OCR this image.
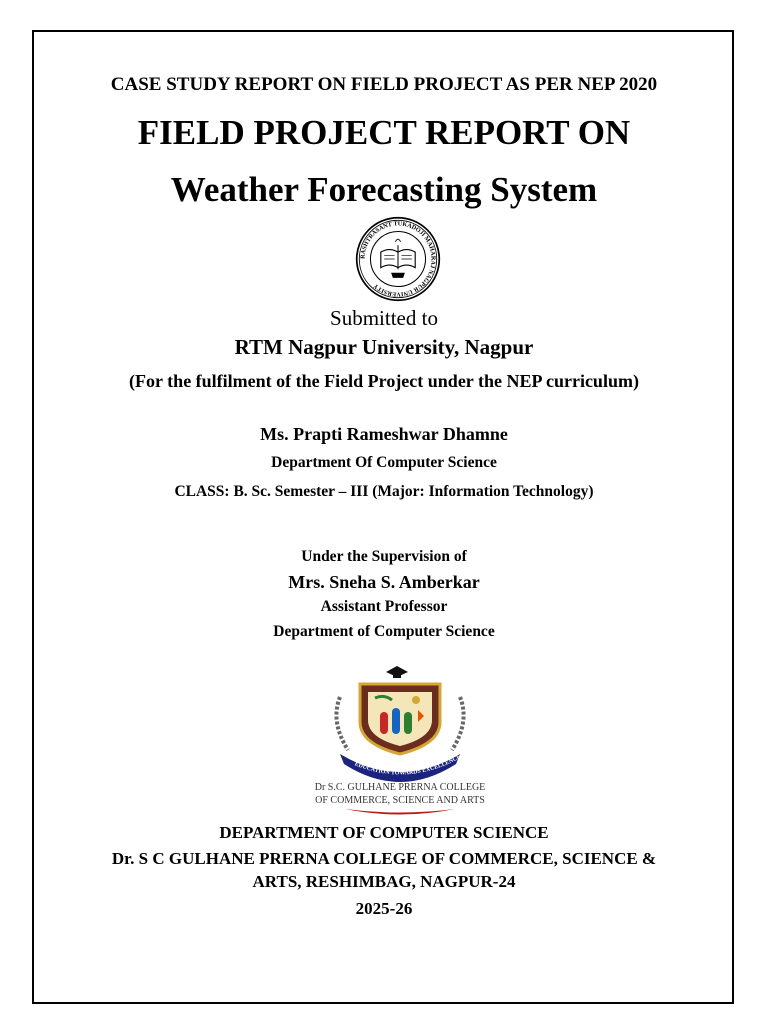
CASE STUDY REPORT ON FIELD PROJECT AS PER NEP 2020
FIELD PROJECT REPORT ON
Weather Forecasting System
RASHTRASANT TUKADOJI MAHARAJ NAGPUR UNIVERSITY
Submitted to
RTM Nagpur University, Nagpur
(For the fulfilment of the Field Project under the NEP curriculum)
Ms. Prapti Rameshwar Dhamne
Department Of Computer Science
CLASS: B. Sc. Semester – III (Major: Information Technology)
Under the Supervision of
Mrs. Sneha S. Amberkar
Assistant Professor
Department of Computer Science
EDUCATION TOWARDS EXCELLENCE
Dr S.C. GULHANE PRERNA COLLEGE
OF COMMERCE, SCIENCE AND ARTS
DEPARTMENT OF COMPUTER SCIENCE
Dr. S C GULHANE PRERNA COLLEGE OF COMMERCE, SCIENCE &
ARTS, RESHIMBAG, NAGPUR-24
2025-26
